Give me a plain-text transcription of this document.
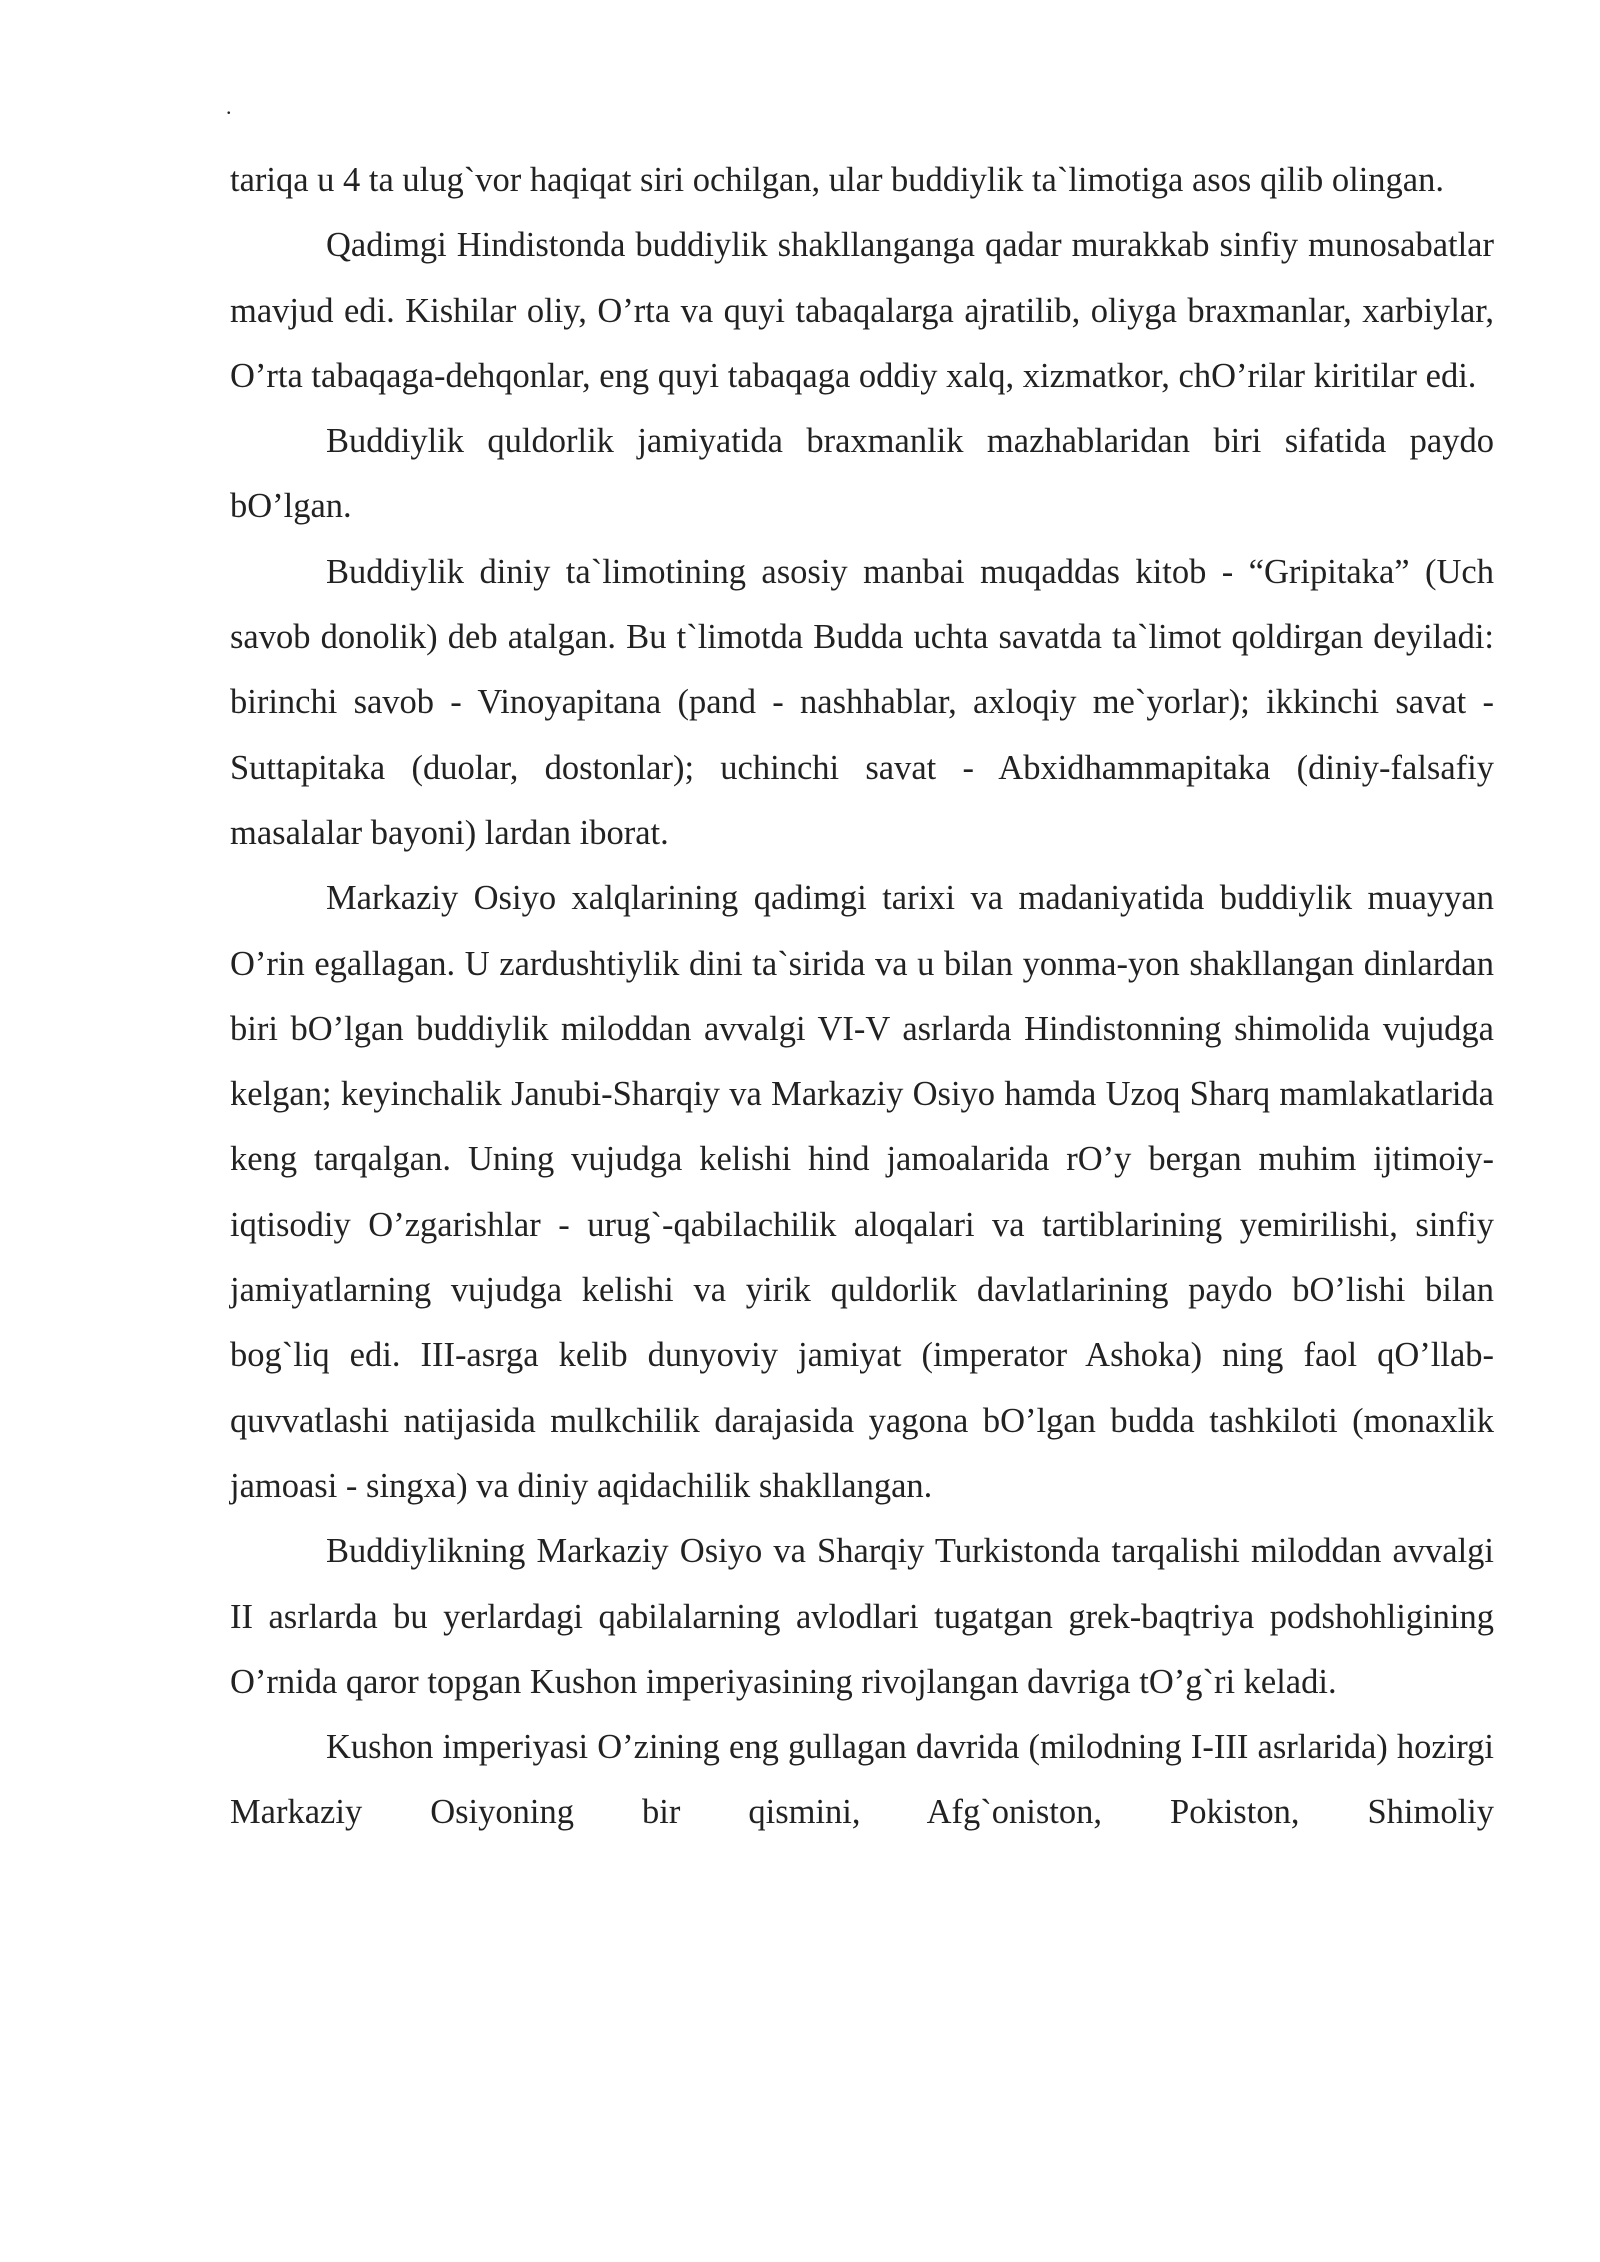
.

tariqa u 4 ta ulug`vor haqiqat siri ochilgan, ular buddiylik ta`limotiga asos qilib olingan.

Qadimgi Hindistonda buddiylik shakllanganga qadar murakkab sinfiy munosabatlar mavjud edi. Kishilar oliy, O’rta va quyi tabaqalarga ajratilib, oliyga braxmanlar, xarbiylar, O’rta tabaqaga-dehqonlar, eng quyi tabaqaga oddiy xalq, xizmatkor, chO’rilar kiritilar edi.

Buddiylik quldorlik jamiyatida braxmanlik mazhablaridan biri sifatida paydo bO’lgan.

Buddiylik diniy ta`limotining asosiy manbai muqaddas kitob - “Gripitaka” (Uch savob donolik) deb atalgan. Bu t`limotda Budda uchta savatda ta`limot qoldirgan deyiladi: birinchi savob - Vinoyapitana (pand - nashhablar, axloqiy me`yorlar); ikkinchi savat - Suttapitaka (duolar, dostonlar); uchinchi savat - Abxidhammapitaka (diniy-falsafiy masalalar bayoni) lardan iborat.

Markaziy Osiyo xalqlarining qadimgi tarixi va madaniyatida buddiylik muayyan O’rin egallagan. U zardushtiylik dini ta`sirida va u bilan yonma-yon shakllangan dinlardan biri bO’lgan buddiylik miloddan avvalgi VI-V asrlarda Hindistonning shimolida vujudga kelgan; keyinchalik Janubi-Sharqiy va Markaziy Osiyo hamda Uzoq Sharq mamlakatlarida keng tarqalgan. Uning vujudga kelishi hind jamoalarida rO’y bergan muhim ijtimoiy-iqtisodiy O’zgarishlar - urug`-qabilachilik aloqalari va tartiblarining yemirilishi, sinfiy jamiyatlarning vujudga kelishi va yirik quldorlik davlatlarining paydo bO’lishi bilan bog`liq edi. III-asrga kelib dunyoviy jamiyat (imperator Ashoka) ning faol qO’llab-quvvatlashi natijasida mulkchilik darajasida yagona bO’lgan budda tashkiloti (monaxlik jamoasi - singxa) va diniy aqidachilik shakllangan.

Buddiylikning Markaziy Osiyo va Sharqiy Turkistonda tarqalishi miloddan avvalgi II asrlarda bu yerlardagi qabilalarning avlodlari tugatgan grek-baqtriya podshohligining O’rnida qaror topgan Kushon imperiyasining rivojlangan davriga tO’g`ri keladi.

Kushon imperiyasi O’zining eng gullagan davrida (milodning I-III asrlarida) hozirgi Markaziy Osiyoning bir qismini, Afg`oniston, Pokiston, Shimoliy
